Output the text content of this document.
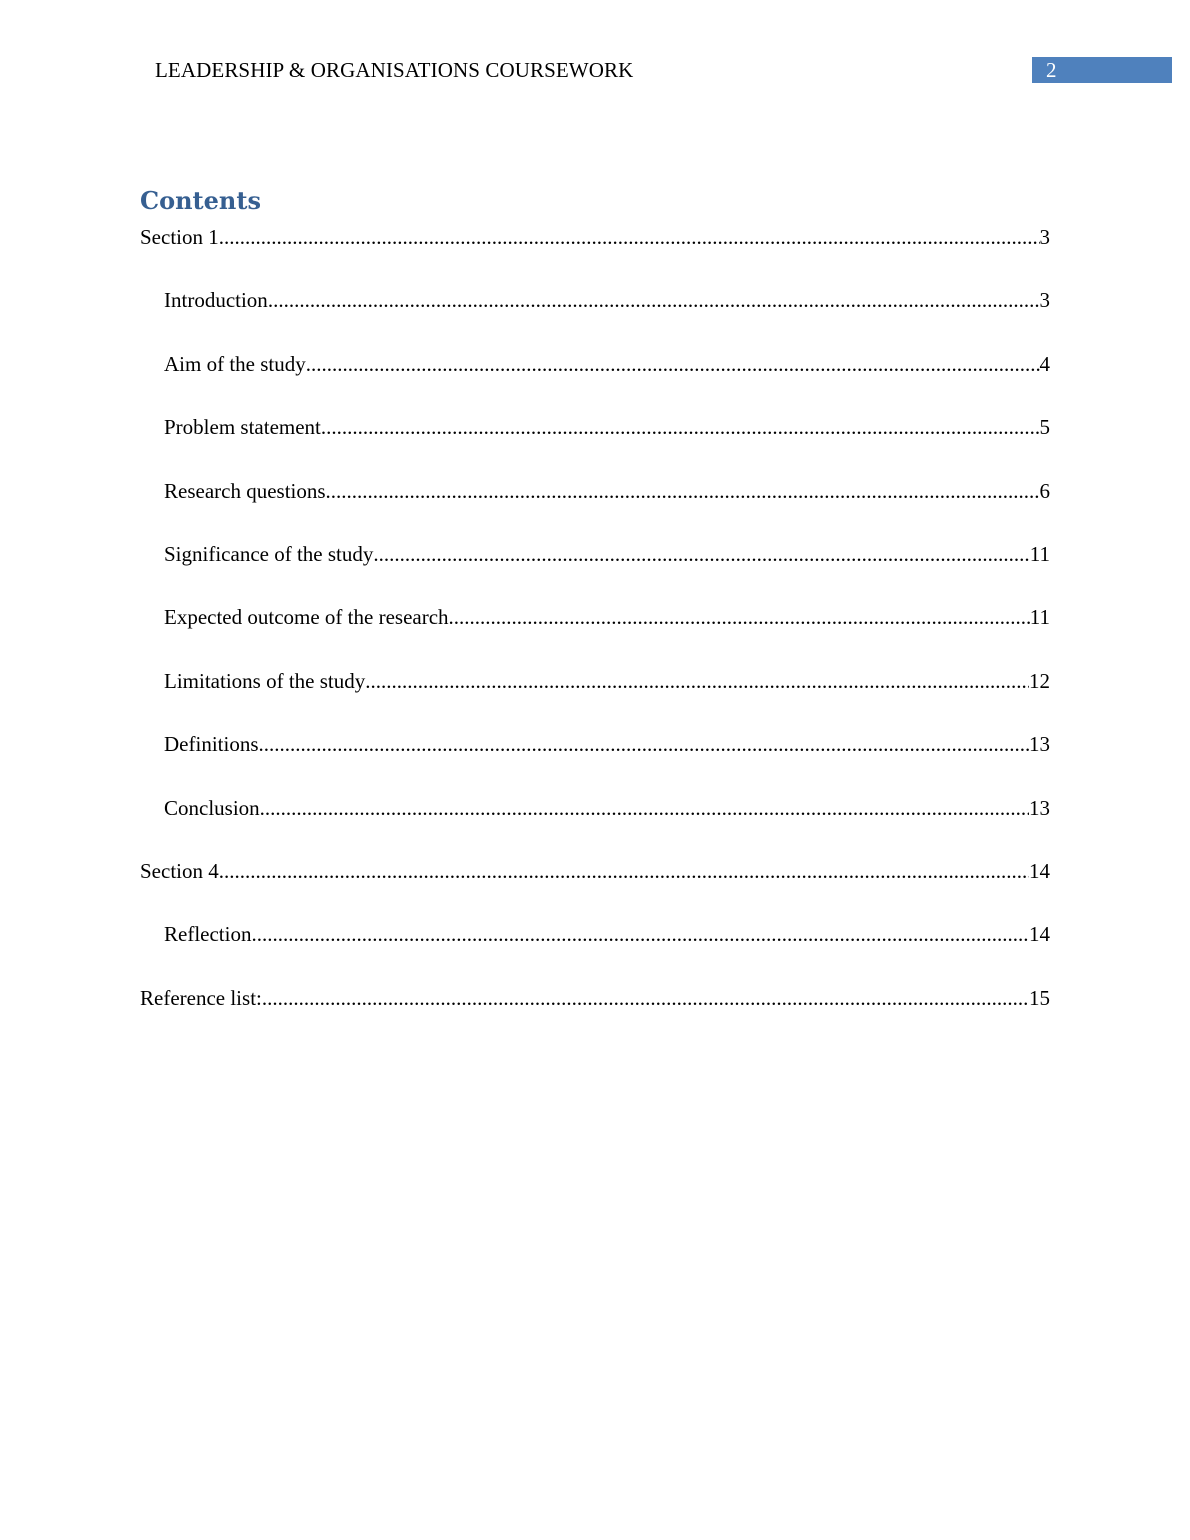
LEADERSHIP & ORGANISATIONS COURSEWORK	2
Contents
Section 1 .....	3
Introduction .....	3
Aim of the study .....	4
Problem statement .....	5
Research questions .....	6
Significance of the study .....	11
Expected outcome of the research .....	11
Limitations of the study .....	12
Definitions .....	13
Conclusion .....	13
Section 4 .....	14
Reflection .....	14
Reference list: .....	15
